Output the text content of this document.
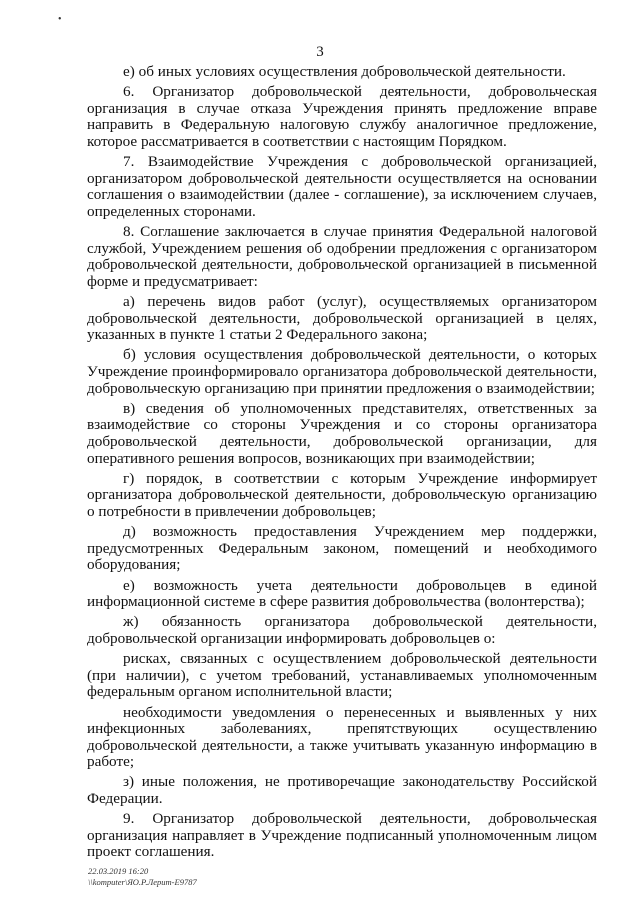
•
3

е) об иных условиях осуществления добровольческой деятельности.

6. Организатор добровольческой деятельности, добровольческая организация в случае отказа Учреждения принять предложение вправе направить в Федеральную налоговую службу аналогичное предложение, которое рассматривается в соответствии с настоящим Порядком.

7. Взаимодействие Учреждения с добровольческой организацией, организатором добровольческой деятельности осуществляется на основании соглашения о взаимодействии (далее - соглашение), за исключением случаев, определенных сторонами.

8. Соглашение заключается в случае принятия Федеральной налоговой службой, Учреждением решения об одобрении предложения с организатором добровольческой деятельности, добровольческой организацией в письменной форме и предусматривает:

а) перечень видов работ (услуг), осуществляемых организатором добровольческой деятельности, добровольческой организацией в целях, указанных в пункте 1 статьи 2 Федерального закона;

б) условия осуществления добровольческой деятельности, о которых Учреждение проинформировало организатора добровольческой деятельности, добровольческую организацию при принятии предложения о взаимодействии;

в) сведения об уполномоченных представителях, ответственных за взаимодействие со стороны Учреждения и со стороны организатора добровольческой деятельности, добровольческой организации, для оперативного решения вопросов, возникающих при взаимодействии;

г) порядок, в соответствии с которым Учреждение информирует организатора добровольческой деятельности, добровольческую организацию о потребности в привлечении добровольцев;

д) возможность предоставления Учреждением мер поддержки, предусмотренных Федеральным законом, помещений и необходимого оборудования;

е) возможность учета деятельности добровольцев в единой информационной системе в сфере развития добровольчества (волонтерства);

ж) обязанность организатора добровольческой деятельности, добровольческой организации информировать добровольцев о:

рисках, связанных с осуществлением добровольческой деятельности (при наличии), с учетом требований, устанавливаемых уполномоченным федеральным органом исполнительной власти;

необходимости уведомления о перенесенных и выявленных у них инфекционных заболеваниях, препятствующих осуществлению добровольческой деятельности, а также учитывать указанную информацию в работе;

з) иные положения, не противоречащие законодательству Российской Федерации.

9. Организатор добровольческой деятельности, добровольческая организация направляет в Учреждение подписанный уполномоченным лицом проект соглашения.

22.03.2019 16:20
\\komputer\ЯО.Р.Лерит-Е9787
